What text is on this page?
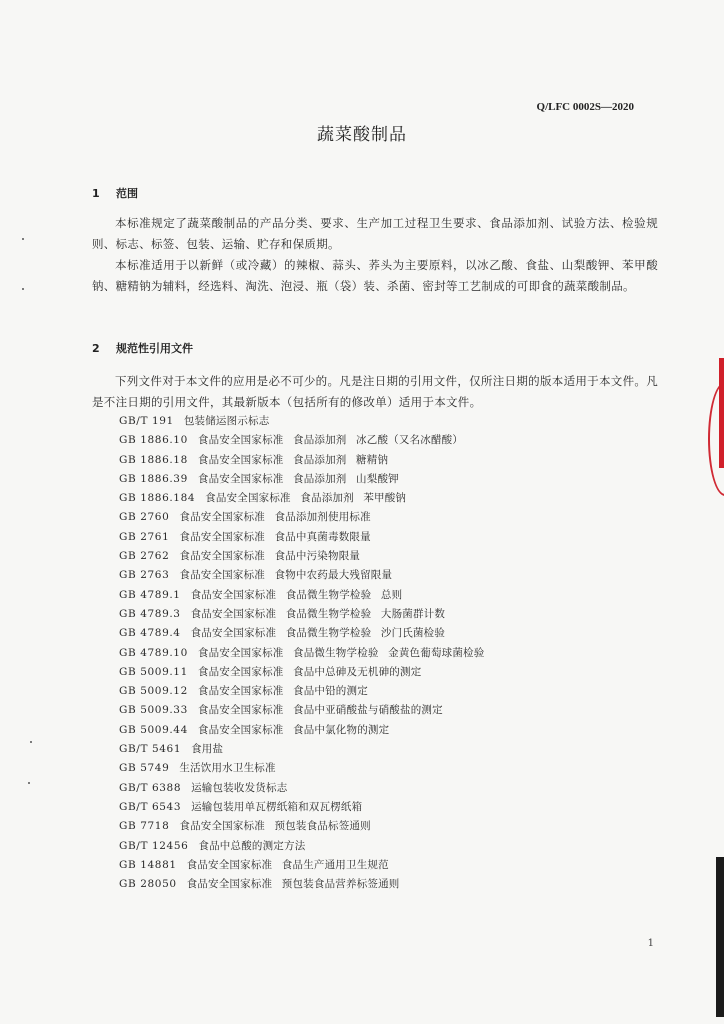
Q/LFC 0002S—2020
蔬菜酸制品
1 范围

本标准规定了蔬菜酸制品的产品分类、要求、生产加工过程卫生要求、食品添加剂、试验方法、检验规则、标志、标签、包装、运输、贮存和保质期。

本标准适用于以新鲜（或冷藏）的辣椒、蒜头、荞头为主要原料，以冰乙酸、食盐、山梨酸钾、苯甲酸钠、糖精钠为辅料，经选料、淘洗、泡浸、瓶（袋）装、杀菌、密封等工艺制成的可即食的蔬菜酸制品。

2 规范性引用文件

下列文件对于本文件的应用是必不可少的。凡是注日期的引用文件，仅所注日期的版本适用于本文件。凡是不注日期的引用文件，其最新版本（包括所有的修改单）适用于本文件。

GB/T 191 包装储运图示标志
GB 1886.10 食品安全国家标准 食品添加剂 冰乙酸（又名冰醋酸）
GB 1886.18 食品安全国家标准 食品添加剂 糖精钠
GB 1886.39 食品安全国家标准 食品添加剂 山梨酸钾
GB 1886.184 食品安全国家标准 食品添加剂 苯甲酸钠
GB 2760 食品安全国家标准 食品添加剂使用标准
GB 2761 食品安全国家标准 食品中真菌毒数限量
GB 2762 食品安全国家标准 食品中污染物限量
GB 2763 食品安全国家标准 食物中农药最大残留限量
GB 4789.1 食品安全国家标准 食品微生物学检验 总则
GB 4789.3 食品安全国家标准 食品微生物学检验 大肠菌群计数
GB 4789.4 食品安全国家标准 食品微生物学检验 沙门氏菌检验
GB 4789.10 食品安全国家标准 食品微生物学检验 金黄色葡萄球菌检验
GB 5009.11 食品安全国家标准 食品中总砷及无机砷的测定
GB 5009.12 食品安全国家标准 食品中铅的测定
GB 5009.33 食品安全国家标准 食品中亚硝酸盐与硝酸盐的测定
GB 5009.44 食品安全国家标准 食品中氯化物的测定
GB/T 5461 食用盐
GB 5749 生活饮用水卫生标准
GB/T 6388 运输包装收发货标志
GB/T 6543 运输包装用单瓦楞纸箱和双瓦楞纸箱
GB 7718 食品安全国家标准 预包装食品标签通则
GB/T 12456 食品中总酸的测定方法
GB 14881 食品安全国家标准 食品生产通用卫生规范
GB 28050 食品安全国家标准 预包装食品营养标签通则
1
